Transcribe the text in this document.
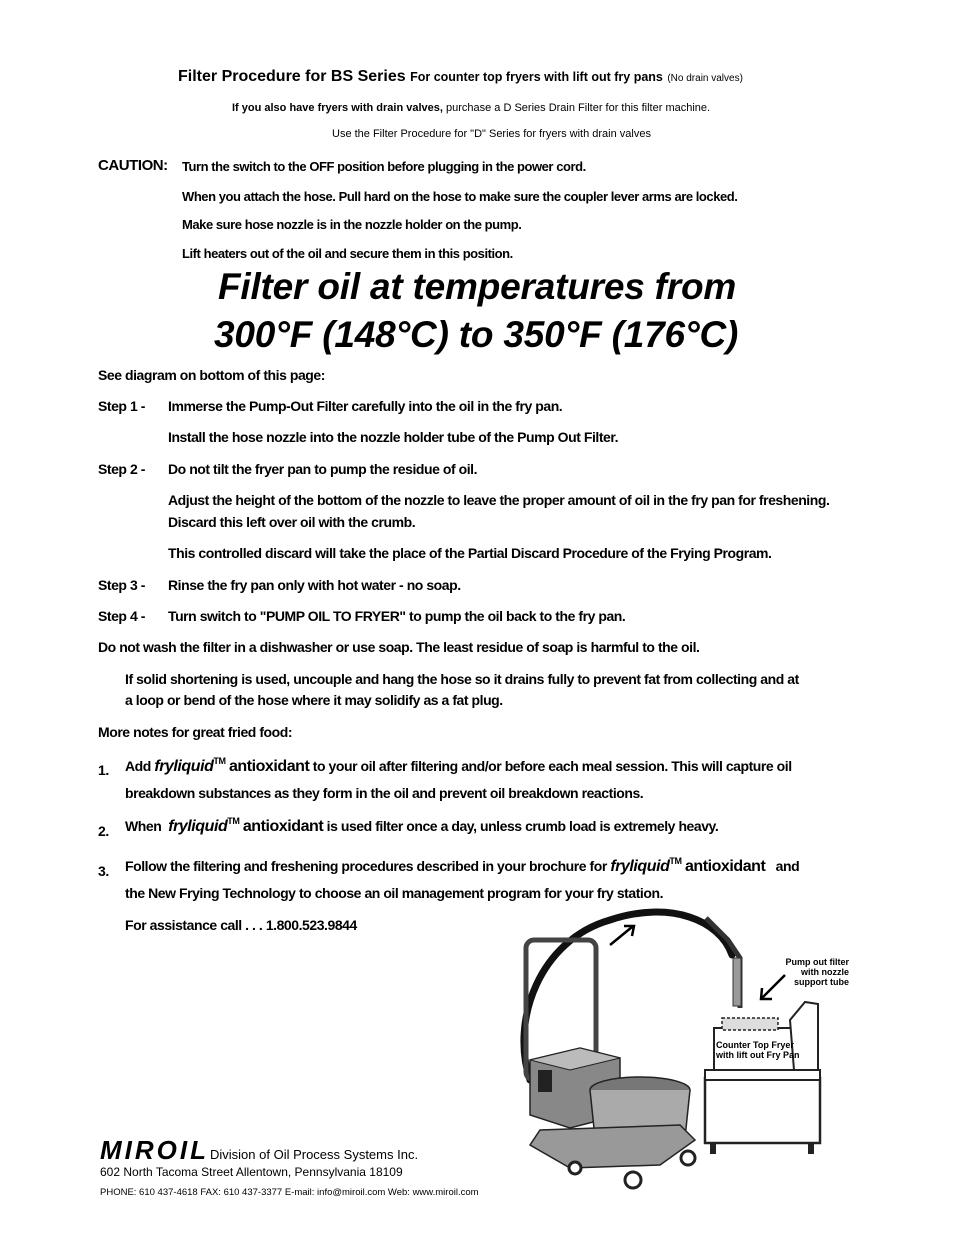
Filter Procedure for BS Series For counter top fryers with lift out fry pans (No drain valves)
If you also have fryers with drain valves, purchase a D Series Drain Filter for this filter machine.
Use the Filter Procedure for "D" Series for fryers with drain valves
CAUTION: Turn the switch to the OFF position before plugging in the power cord.
When you attach the hose. Pull hard on the hose to make sure the coupler lever arms are locked.
Make sure hose nozzle is in the nozzle holder on the pump.
Lift heaters out of the oil and secure them in this position.
Filter oil at temperatures from
300°F (148°C) to 350°F (176°C)
See diagram on bottom of this page:
Step 1 - Immerse the Pump-Out Filter carefully into the oil in the fry pan.
Install the hose nozzle into the nozzle holder tube of the Pump Out Filter.
Step 2 - Do not tilt the fryer pan to pump the residue of oil.
Adjust the height of the bottom of the nozzle to leave the proper amount of oil in the fry pan for freshening.
Discard this left over oil with the crumb.
This controlled discard will take the place of the Partial Discard Procedure of the Frying Program.
Step 3 - Rinse the fry pan only with hot water - no soap.
Step 4 - Turn switch to "PUMP OIL TO FRYER" to pump the oil back to the fry pan.
Do not wash the filter in a dishwasher or use soap. The least residue of soap is harmful to the oil.
If solid shortening is used, uncouple and hang the hose so it drains fully to prevent fat from collecting and at
a loop or bend of the hose where it may solidify as a fat plug.
More notes for great fried food:
1. Add fryliquid™ antioxidant to your oil after filtering and/or before each meal session. This will capture oil
breakdown substances as they form in the oil and prevent oil breakdown reactions.
2. When fryliquid™ antioxidant is used filter once a day, unless crumb load is extremely heavy.
3. Follow the filtering and freshening procedures described in your brochure for fryliquid™ antioxidant and
the New Frying Technology to choose an oil management program for your fry station.
For assistance call . . . 1.800.523.9844
Pump out filter
with nozzle
support tube
Counter Top Fryer
with lift out Fry Pan
MIROIL Division of Oil Process Systems Inc.
602 North Tacoma Street Allentown, Pennsylvania 18109
PHONE: 610 437-4618 FAX: 610 437-3377 E-mail: info@miroil.com Web: www.miroil.com
